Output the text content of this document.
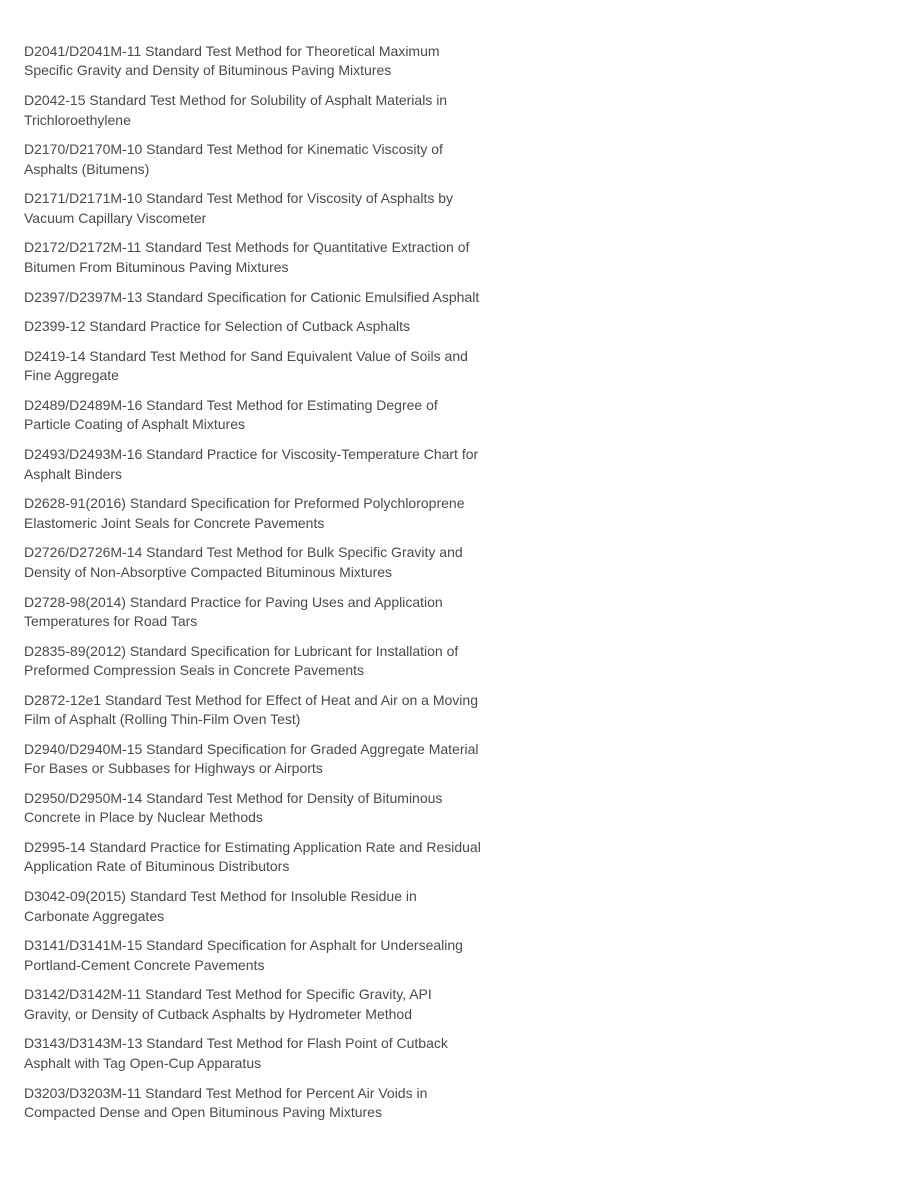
D2041/D2041M-11 Standard Test Method for Theoretical Maximum
Specific Gravity and Density of Bituminous Paving Mixtures

D2042-15 Standard Test Method for Solubility of Asphalt Materials in
Trichloroethylene

D2170/D2170M-10 Standard Test Method for Kinematic Viscosity of
Asphalts (Bitumens)

D2171/D2171M-10 Standard Test Method for Viscosity of Asphalts by
Vacuum Capillary Viscometer

D2172/D2172M-11 Standard Test Methods for Quantitative Extraction of
Bitumen From Bituminous Paving Mixtures

D2397/D2397M-13 Standard Specification for Cationic Emulsified Asphalt

D2399-12 Standard Practice for Selection of Cutback Asphalts

D2419-14 Standard Test Method for Sand Equivalent Value of Soils and
Fine Aggregate

D2489/D2489M-16 Standard Test Method for Estimating Degree of
Particle Coating of Asphalt Mixtures

D2493/D2493M-16 Standard Practice for Viscosity-Temperature Chart for
Asphalt Binders

D2628-91(2016) Standard Specification for Preformed Polychloroprene
Elastomeric Joint Seals for Concrete Pavements

D2726/D2726M-14 Standard Test Method for Bulk Specific Gravity and
Density of Non-Absorptive Compacted Bituminous Mixtures

D2728-98(2014) Standard Practice for Paving Uses and Application
Temperatures for Road Tars

D2835-89(2012) Standard Specification for Lubricant for Installation of
Preformed Compression Seals in Concrete Pavements

D2872-12e1 Standard Test Method for Effect of Heat and Air on a Moving
Film of Asphalt (Rolling Thin-Film Oven Test)

D2940/D2940M-15 Standard Specification for Graded Aggregate Material
For Bases or Subbases for Highways or Airports

D2950/D2950M-14 Standard Test Method for Density of Bituminous
Concrete in Place by Nuclear Methods

D2995-14 Standard Practice for Estimating Application Rate and Residual
Application Rate of Bituminous Distributors

D3042-09(2015) Standard Test Method for Insoluble Residue in
Carbonate Aggregates

D3141/D3141M-15 Standard Specification for Asphalt for Undersealing
Portland-Cement Concrete Pavements

D3142/D3142M-11 Standard Test Method for Specific Gravity, API
Gravity, or Density of Cutback Asphalts by Hydrometer Method

D3143/D3143M-13 Standard Test Method for Flash Point of Cutback
Asphalt with Tag Open-Cup Apparatus

D3203/D3203M-11 Standard Test Method for Percent Air Voids in
Compacted Dense and Open Bituminous Paving Mixtures
